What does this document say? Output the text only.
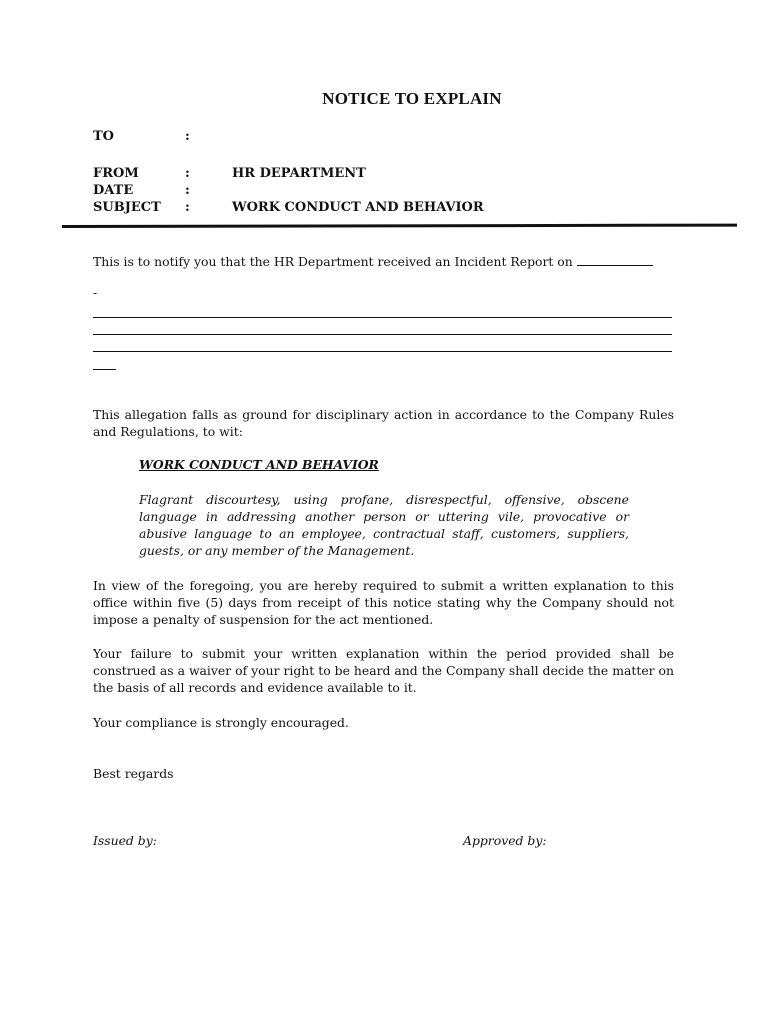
NOTICE TO EXPLAIN
TO	:
FROM	:	HR DEPARTMENT
DATE	:
SUBJECT :	WORK CONDUCT AND BEHAVIOR
This is to notify you that the HR Department received an Incident Report on
-
This allegation falls as ground for disciplinary action in accordance to the Company Rules and Regulations, to wit:
WORK CONDUCT AND BEHAVIOR
Flagrant discourtesy, using profane, disrespectful, offensive, obscene language in addressing another person or uttering vile, provocative or abusive language to an employee, contractual staff, customers, suppliers, guests, or any member of the Management.
In view of the foregoing, you are hereby required to submit a written explanation to this office within five (5) days from receipt of this notice stating why the Company should not impose a penalty of suspension for the act mentioned.
Your failure to submit your written explanation within the period provided shall be construed as a waiver of your right to be heard and the Company shall decide the matter on the basis of all records and evidence available to it.
Your compliance is strongly encouraged.
Best regards
Issued by:	Approved by:
